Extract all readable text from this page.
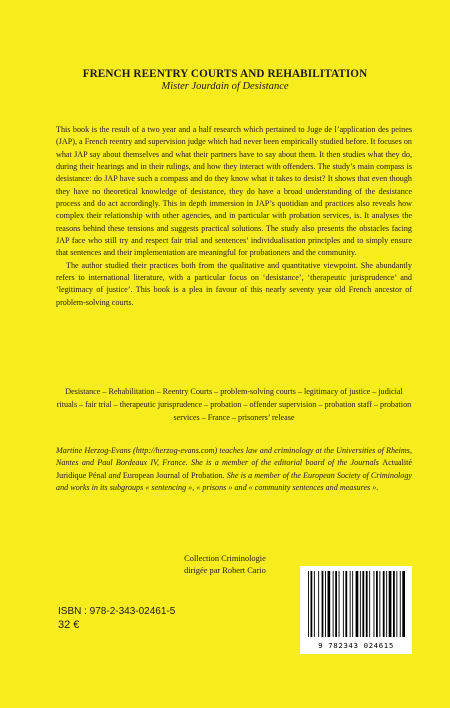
FRENCH REENTRY COURTS AND REHABILITATION
Mister Jourdain of Desistance

This book is the result of a two year and a half research which pertained to Juge de l’application des peines (JAP), a French reentry and supervision judge which had never been empirically studied before. It focuses on what JAP say about themselves and what their partners have to say about them. It then studies what they do, during their hearings and in their rulings, and how they interact with offenders. The study’s main compass is desistance: do JAP have such a compass and do they know what it takes to desist? It shows that even though they have no theoretical knowledge of desistance, they do have a broad understanding of the desistance process and do act accordingly. This in depth immersion in JAP’s quotidian and practices also reveals how complex their relationship with other agencies, and in particular with probation services, is. It analyses the reasons behind these tensions and suggests practical solutions. The study also presents the obstacles facing JAP face who still try and respect fair trial and sentences’ individualisation principles and to simply ensure that sentences and their implementation are meaningful for probationers and the community.

The author studied their practices both from the qualitative and quantitative viewpoint. She abundantly refers to international literature, with a particular focus on ‘desistance’, ‘therapeutic jurisprudence’ and ‘legitimacy of justice’. This book is a plea in favour of this nearly seventy year old French ancestor of problem-solving courts.

Desistance – Rehabilitation – Reentry Courts – problem-solving courts – legitimacy of justice – judicial rituals – fair trial – therapeutic jurisprudence – probation – offender supervision – probation staff – probation services – France – prisoners’ release
Martine Herzog-Evans (http://herzog-evans.com) teaches law and criminology at the Universities of Rheims, Nantes and Paul Bordeaux IV, France. She is a member of the editorial board of the Journals Actualité Juridique Pénal and European Journal of Probation. She is a member of the European Society of Criminology and works in its subgroups « sentencing », « prisons » and « community sentences and measures ».
Collection Criminologie
dirigée par Robert Cario
ISBN : 978-2-343-02461-5
32 €
9 782343 024615
